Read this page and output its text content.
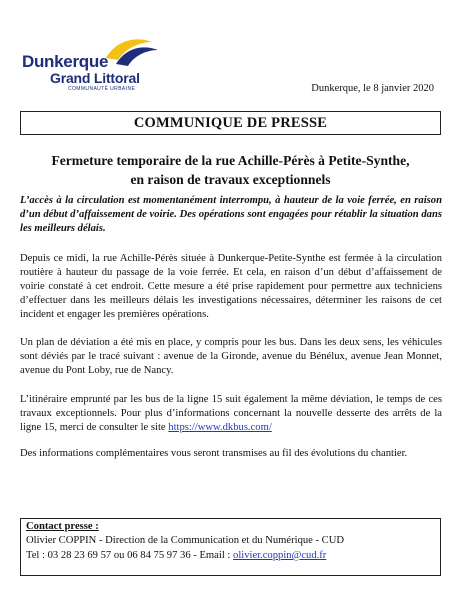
Dunkerque
Grand Littoral
COMMUNAUTÉ URBAINE	Dunkerque, le 8 janvier 2020
COMMUNIQUE DE PRESSE
Fermeture temporaire de la rue Achille-Pérès à Petite-Synthe,
en raison de travaux exceptionnels
L’accès à la circulation est momentanément interrompu, à hauteur de la voie ferrée, en raison d’un début d’affaissement de voirie. Des opérations sont engagées pour rétablir la situation dans les meilleurs délais.
Depuis ce midi, la rue Achille-Pérès située à Dunkerque-Petite-Synthe est fermée à la circulation routière à hauteur du passage de la voie ferrée. Et cela, en raison d’un début d’affaissement de voirie constaté à cet endroit. Cette mesure a été prise rapidement pour permettre aux techniciens d’effectuer dans les meilleurs délais les investigations nécessaires, déterminer les raisons de cet incident et engager les premières opérations.
Un plan de déviation a été mis en place, y compris pour les bus. Dans les deux sens, les véhicules sont déviés par le tracé suivant : avenue de la Gironde, avenue du Bénélux, avenue Jean Monnet, avenue du Pont Loby, rue de Nancy.
L’itinéraire emprunté par les bus de la ligne 15 suit également la même déviation, le temps de ces travaux exceptionnels. Pour plus d’informations concernant la nouvelle desserte des arrêts de la ligne 15, merci de consulter le site https://www.dkbus.com/
Des informations complémentaires vous seront transmises au fil des évolutions du chantier.
Contact presse :
Olivier COPPIN - Direction de la Communication et du Numérique - CUD
Tel : 03 28 23 69 57 ou 06 84 75 97 36 - Email : olivier.coppin@cud.fr
